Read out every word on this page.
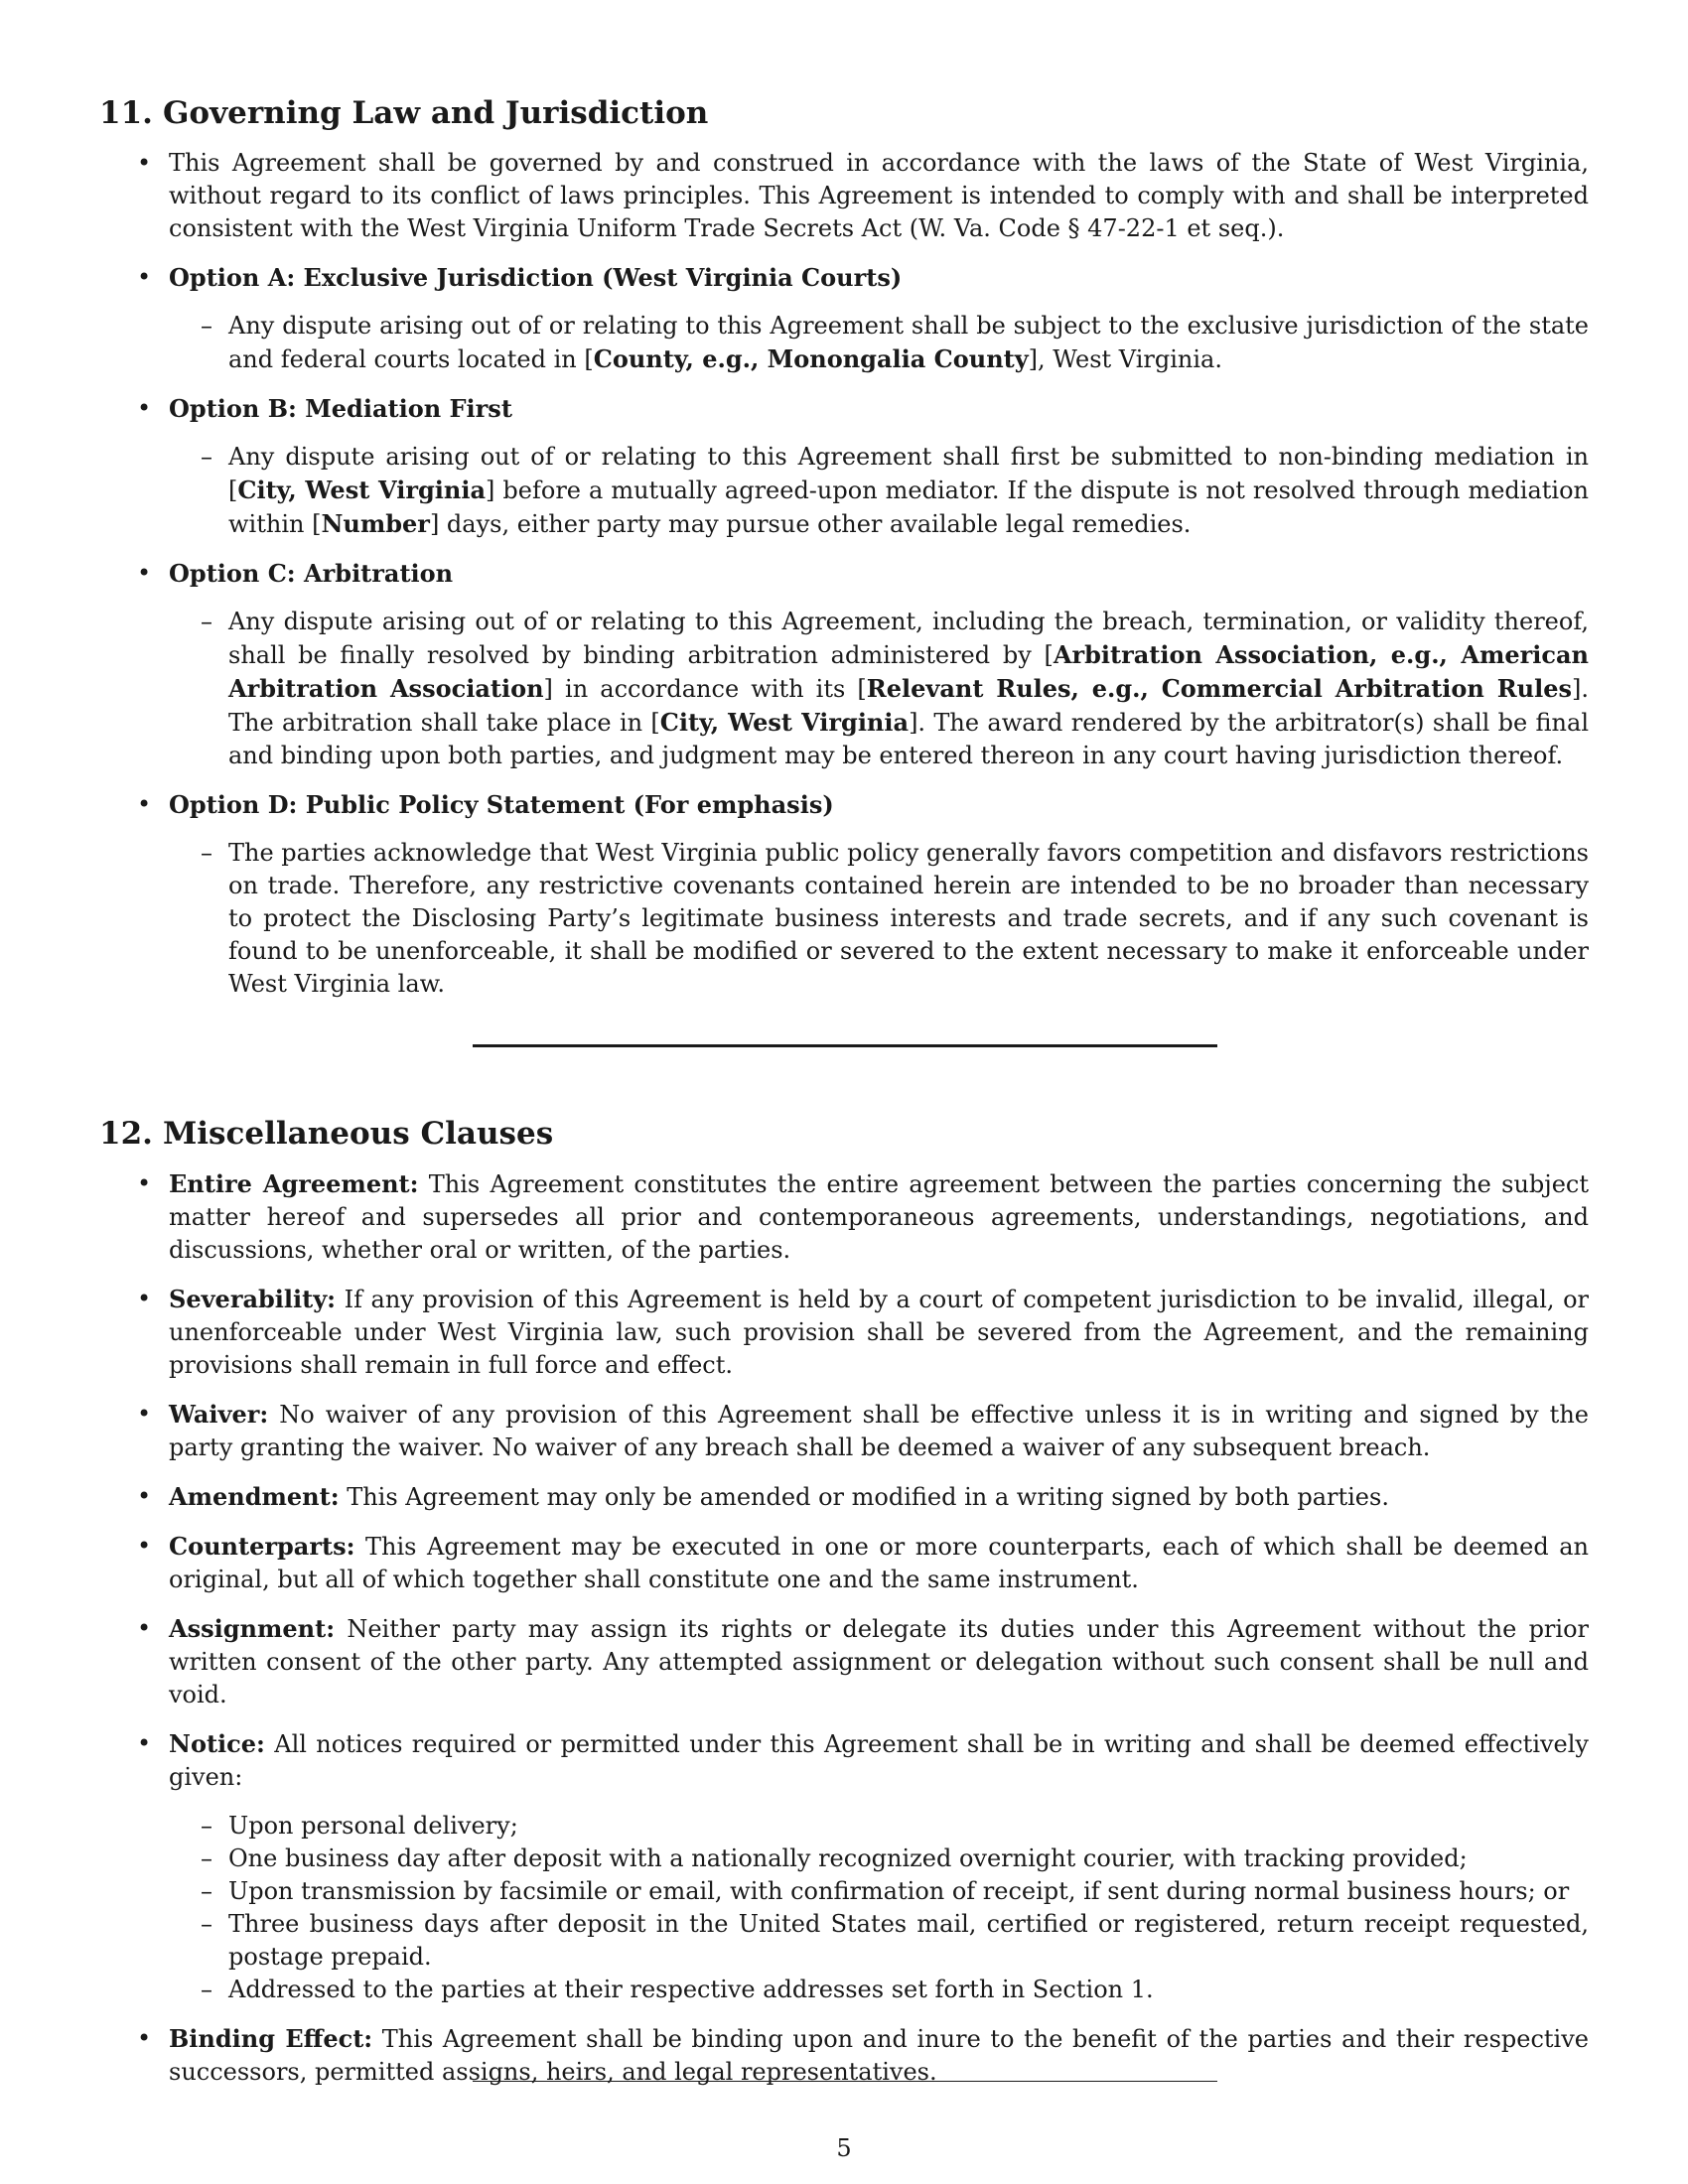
11. Governing Law and Jurisdiction
• This Agreement shall be governed by and construed in accordance with the laws of the State of West Virginia, without regard to its conflict of laws principles. This Agreement is intended to comply with and shall be interpreted consistent with the West Virginia Uniform Trade Secrets Act (W. Va. Code § 47-22-1 et seq.).
• Option A: Exclusive Jurisdiction (West Virginia Courts)
– Any dispute arising out of or relating to this Agreement shall be subject to the exclusive jurisdiction of the state and federal courts located in [County, e.g., Monongalia County], West Virginia.
• Option B: Mediation First
– Any dispute arising out of or relating to this Agreement shall first be submitted to non-binding mediation in [City, West Virginia] before a mutually agreed-upon mediator. If the dispute is not resolved through mediation within [Number] days, either party may pursue other available legal remedies.
• Option C: Arbitration
– Any dispute arising out of or relating to this Agreement, including the breach, termination, or validity thereof, shall be finally resolved by binding arbitration administered by [Arbitration Association, e.g., American Arbitration Association] in accordance with its [Relevant Rules, e.g., Commercial Arbitration Rules]. The arbitration shall take place in [City, West Virginia]. The award rendered by the arbitrator(s) shall be final and binding upon both parties, and judgment may be entered thereon in any court having jurisdiction thereof.
• Option D: Public Policy Statement (For emphasis)
– The parties acknowledge that West Virginia public policy generally favors competition and disfavors restrictions on trade. Therefore, any restrictive covenants contained herein are intended to be no broader than necessary to protect the Disclosing Party’s legitimate business interests and trade secrets, and if any such covenant is found to be unenforceable, it shall be modified or severed to the extent necessary to make it enforceable under West Virginia law.
12. Miscellaneous Clauses
• Entire Agreement: This Agreement constitutes the entire agreement between the parties concerning the subject matter hereof and supersedes all prior and contemporaneous agreements, understandings, negotiations, and discussions, whether oral or written, of the parties.
• Severability: If any provision of this Agreement is held by a court of competent jurisdiction to be invalid, illegal, or unenforceable under West Virginia law, such provision shall be severed from the Agreement, and the remaining provisions shall remain in full force and effect.
• Waiver: No waiver of any provision of this Agreement shall be effective unless it is in writing and signed by the party granting the waiver. No waiver of any breach shall be deemed a waiver of any subsequent breach.
• Amendment: This Agreement may only be amended or modified in a writing signed by both parties.
• Counterparts: This Agreement may be executed in one or more counterparts, each of which shall be deemed an original, but all of which together shall constitute one and the same instrument.
• Assignment: Neither party may assign its rights or delegate its duties under this Agreement without the prior written consent of the other party. Any attempted assignment or delegation without such consent shall be null and void.
• Notice: All notices required or permitted under this Agreement shall be in writing and shall be deemed effectively given:
– Upon personal delivery;
– One business day after deposit with a nationally recognized overnight courier, with tracking provided;
– Upon transmission by facsimile or email, with confirmation of receipt, if sent during normal business hours; or
– Three business days after deposit in the United States mail, certified or registered, return receipt requested, postage prepaid.
– Addressed to the parties at their respective addresses set forth in Section 1.
• Binding Effect: This Agreement shall be binding upon and inure to the benefit of the parties and their respective successors, permitted assigns, heirs, and legal representatives.
5
